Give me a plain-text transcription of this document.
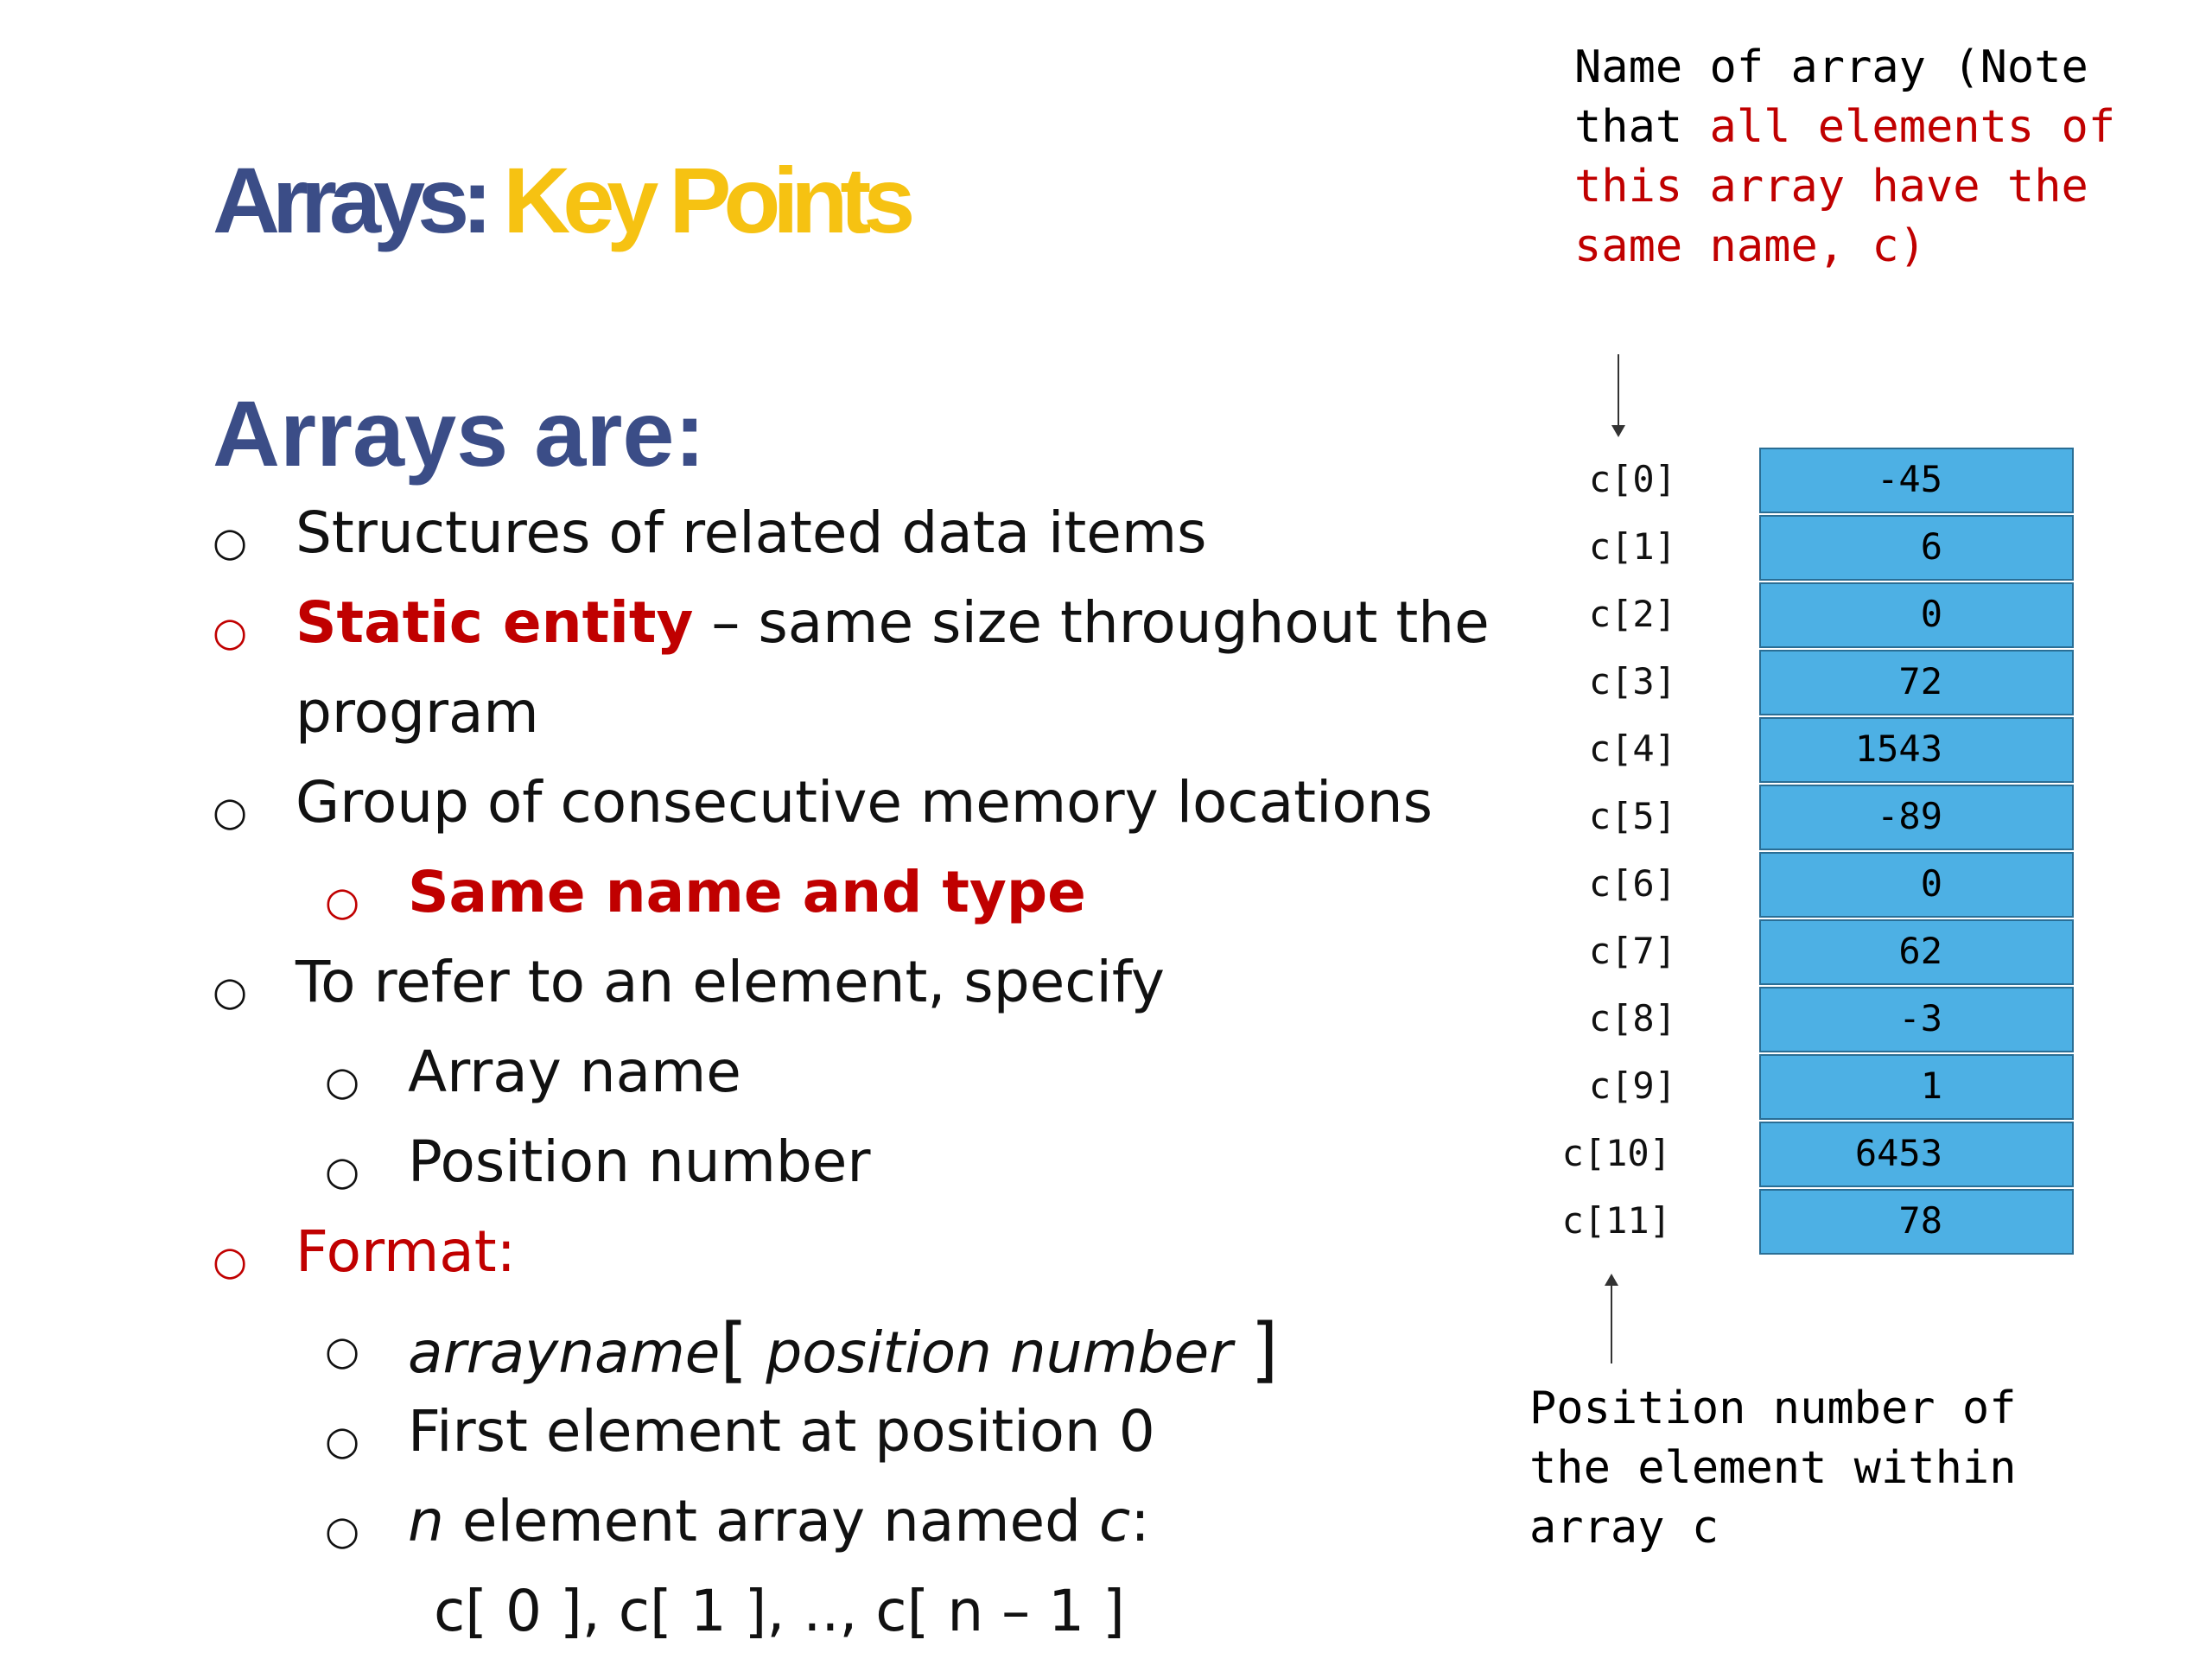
Arrays: Key Points
Arrays are:
○ Structures of related data items
○ Static entity – same size throughout the
program
○ Group of consecutive memory locations
○ Same name and type
○ To refer to an element, specify
○ Array name
○ Position number
○ Format:
○ arrayname[ position number ]
○ First element at position 0
○ n element array named c:
c[ 0 ], c[ 1 ], .., c[ n – 1 ]
Name of array (Note
that all elements of
this array have the
same name, c)
c[0]	-45
c[1]	6
c[2]	0
c[3]	72
c[4]	1543
c[5]	-89
c[6]	0
c[7]	62
c[8]	-3
c[9]	1
c[10]	6453
c[11]	78
Position number of
the element within
array c
